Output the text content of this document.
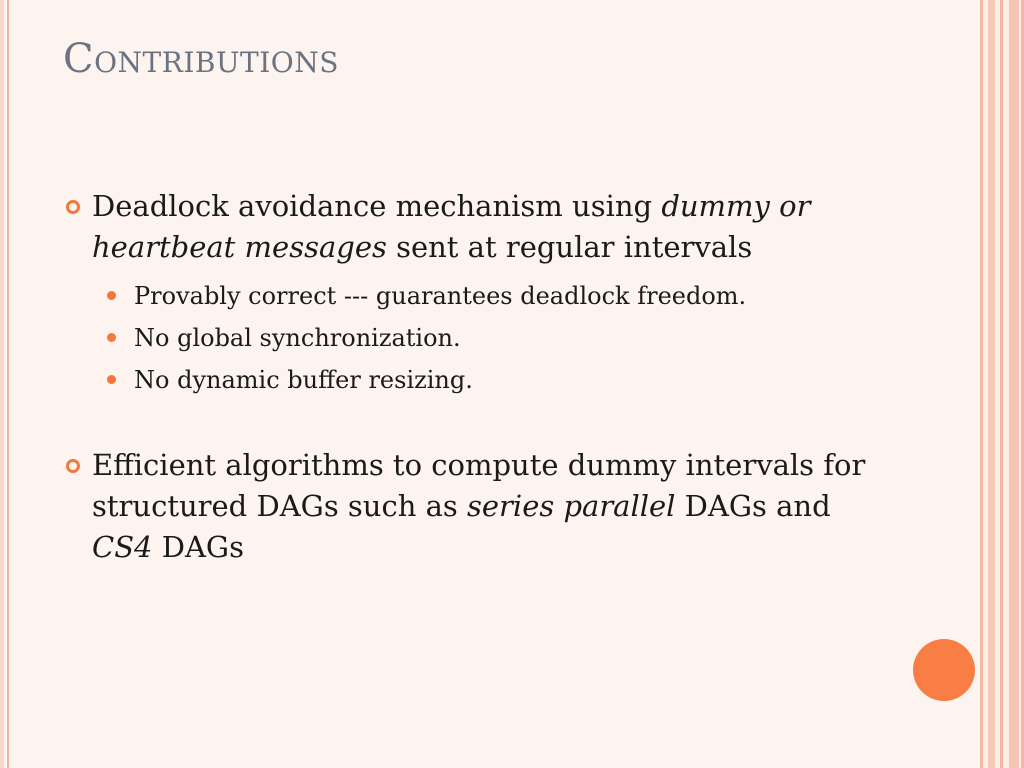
Contributions
Deadlock avoidance mechanism using dummy or heartbeat messages sent at regular intervals
Provably correct --- guarantees deadlock freedom.
No global synchronization.
No dynamic buffer resizing.
Efficient algorithms to compute dummy intervals for structured DAGs such as series parallel DAGs and CS4 DAGs
